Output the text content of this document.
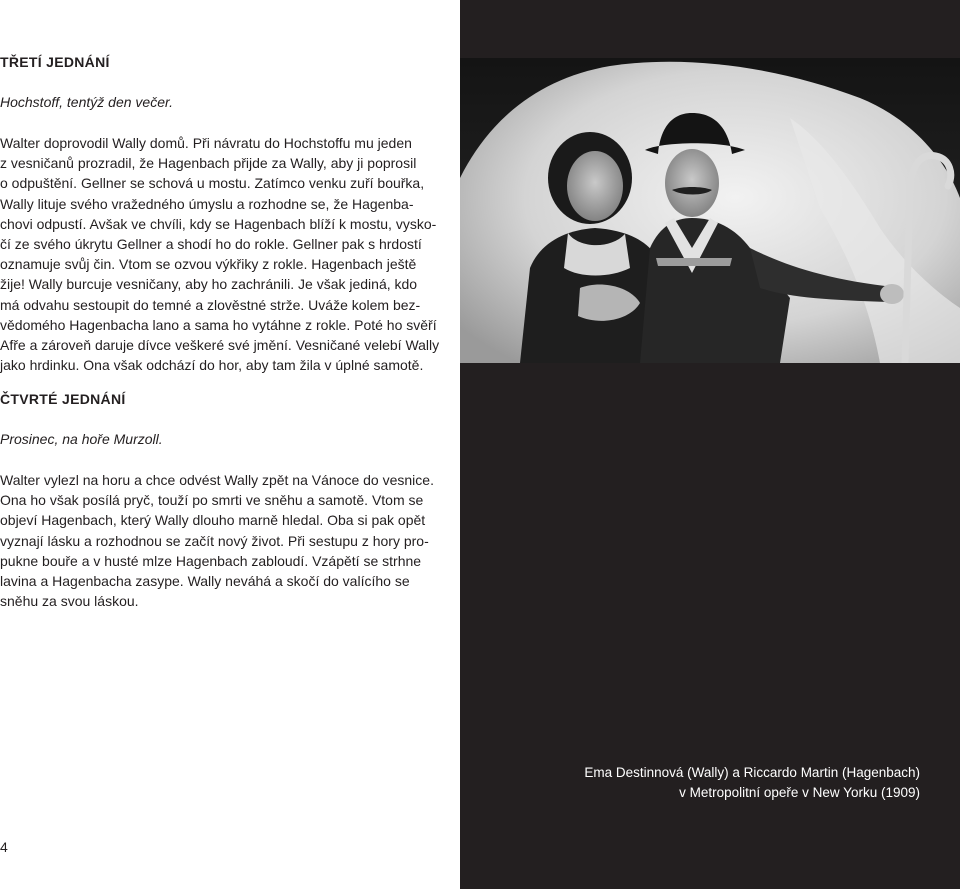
TŘETÍ JEDNÁNÍ
Hochstoff, tentýž den večer.
Walter doprovodil Wally domů. Při návratu do Hochstoffu mu jeden
z vesničanů prozradil, že Hagenbach přijde za Wally, aby ji poprosil
o odpuštění. Gellner se schová u mostu. Zatímco venku zuří bouřka,
Wally lituje svého vražedného úmyslu a rozhodne se, že Hagenba-
chovi odpustí. Avšak ve chvíli, kdy se Hagenbach blíží k mostu, vysko-
čí ze svého úkrytu Gellner a shodí ho do rokle. Gellner pak s hrdostí
oznamuje svůj čin. Vtom se ozvou výkřiky z rokle. Hagenbach ještě
žije! Wally burcuje vesničany, aby ho zachránili. Je však jediná, kdo
má odvahu sestoupit do temné a zlověstné strže. Uváže kolem bez-
vědomého Hagenbacha lano a sama ho vytáhne z rokle. Poté ho svěří
Afře a zároveň daruje dívce veškeré své jmění. Vesničané velebí Wally
jako hrdinku. Ona však odchází do hor, aby tam žila v úplné samotě.
ČTVRTÉ JEDNÁNÍ
Prosinec, na hoře Murzoll.
Walter vylezl na horu a chce odvést Wally zpět na Vánoce do vesnice.
Ona ho však posílá pryč, touží po smrti ve sněhu a samotě. Vtom se
objeví Hagenbach, který Wally dlouho marně hledal. Oba si pak opět
vyznají lásku a rozhodnou se začít nový život. Při sestupu z hory pro-
pukne bouře a v husté mlze Hagenbach zabloudí. Vzápětí se strhne
lavina a Hagenbacha zasype. Wally neváhá a skočí do valícího se
sněhu za svou láskou.
4
Ema Destinnová (Wally) a Riccardo Martin (Hagenbach)
v Metropolitní opeře v New Yorku (1909)
